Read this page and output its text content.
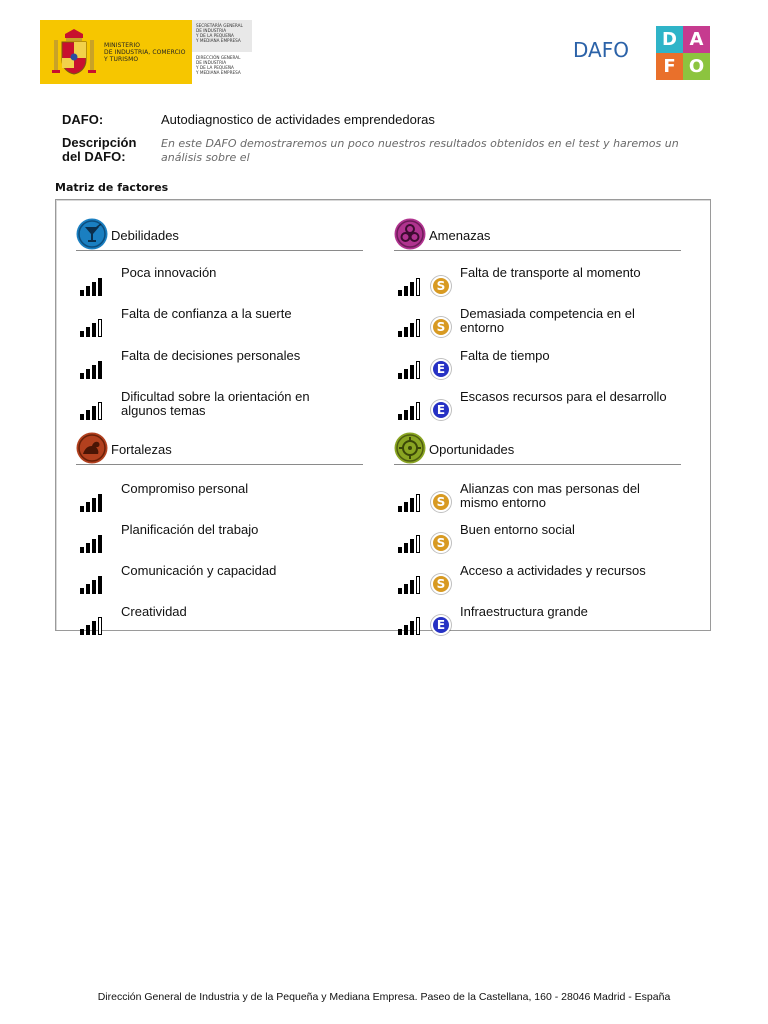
MINISTERIO
DE INDUSTRIA, COMERCIO
Y TURISMO
SECRETARÍA GENERAL
DE INDUSTRIA
Y DE LA PEQUEÑA
Y MEDIANA EMPRESA
DIRECCIÓN GENERAL
DE INDUSTRIA
Y DE LA PEQUEÑA
Y MEDIANA EMPRESA
DAFO	D A
F O
DAFO:	Autodiagnostico de actividades emprendedoras
Descripción
del DAFO:
En este DAFO demostraremos un poco nuestros resultados obtenidos en el test y haremos un análisis sobre el
Matriz de factores
Debilidades
Poca innovación
Falta de confianza a la suerte
Falta de decisiones personales
Dificultad sobre la orientación en algunos temas
Amenazas
S
Falta de transporte al momento
S
Demasiada competencia en el entorno
E
Falta de tiempo
E
Escasos recursos para el desarrollo
Fortalezas
Compromiso personal
Planificación del trabajo
Comunicación y capacidad
Creatividad
Oportunidades
S
Alianzas con mas personas del mismo entorno
S
Buen entorno social
S
Acceso a actividades y recursos
E
Infraestructura grande
Dirección General de Industria y de la Pequeña y Mediana Empresa. Paseo de la Castellana, 160 - 28046 Madrid - España
